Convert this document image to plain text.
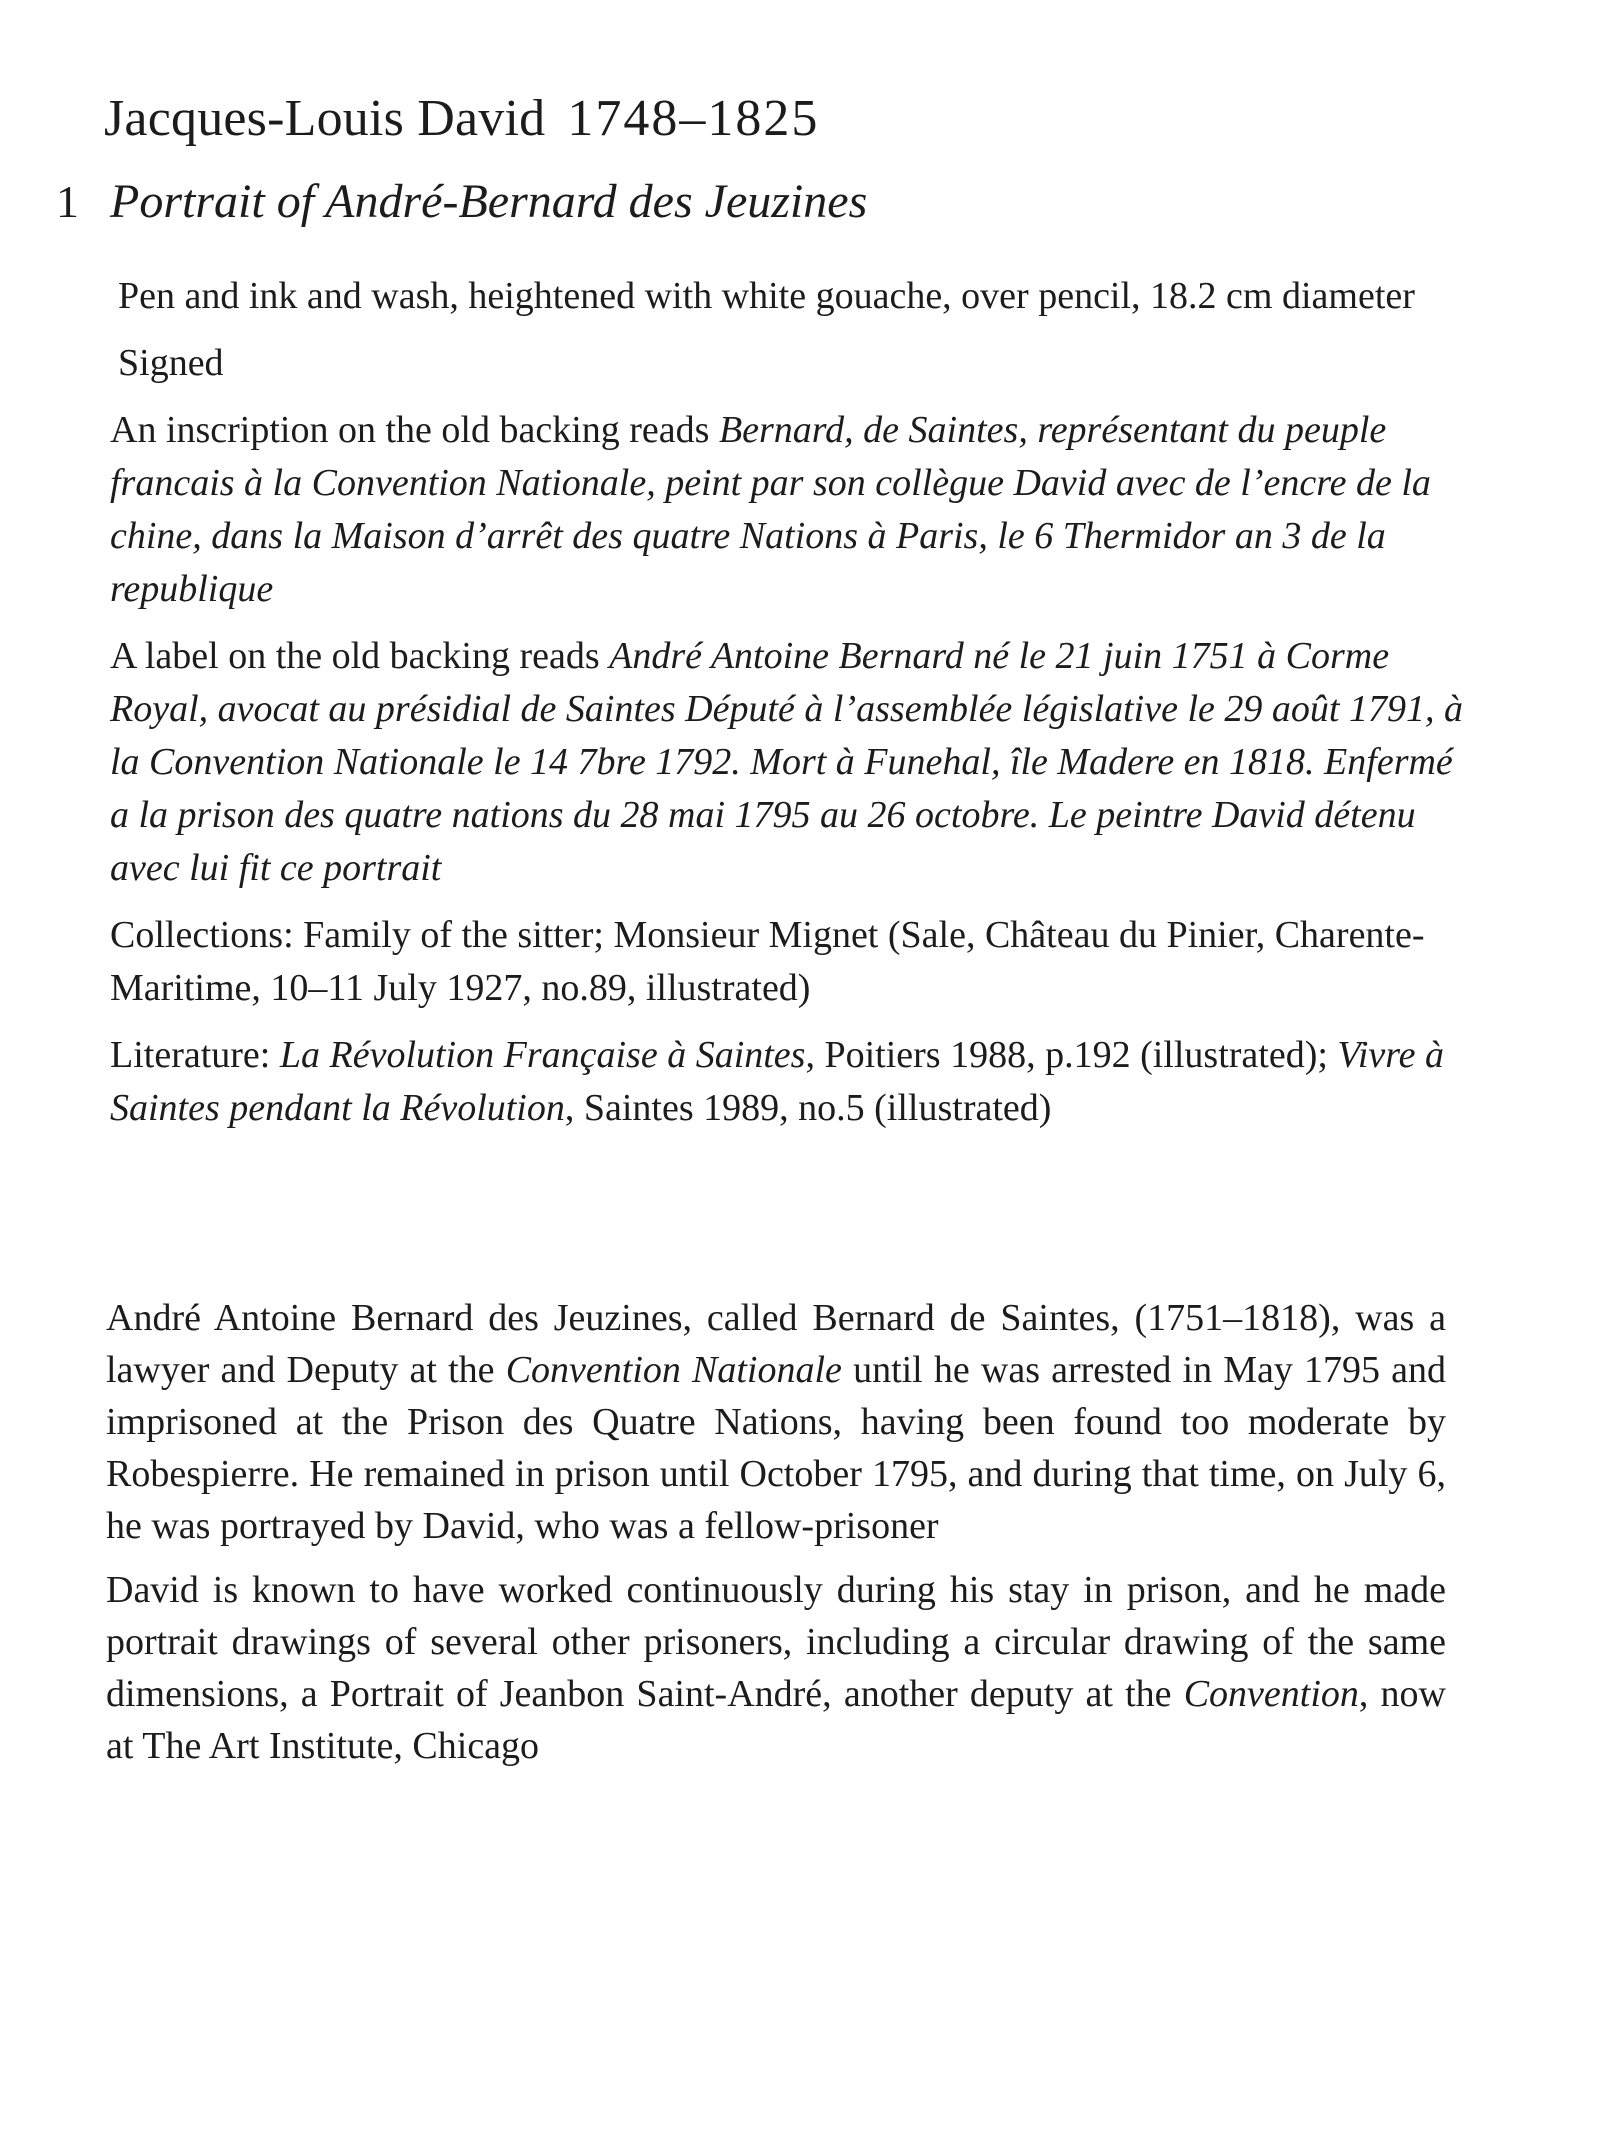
Jacques-Louis David 1748–1825
1 Portrait of André-Bernard des Jeuzines

Pen and ink and wash, heightened with white gouache, over pencil, 18.2 cm diameter

Signed

An inscription on the old backing reads Bernard, de Saintes, représentant du peuple francais à la Convention Nationale, peint par son collègue David avec de l’encre de la chine, dans la Maison d’arrêt des quatre Nations à Paris, le 6 Thermidor an 3 de la republique

A label on the old backing reads André Antoine Bernard né le 21 juin 1751 à Corme Royal, avocat au présidial de Saintes Député à l’assemblée législative le 29 août 1791, à la Convention Nationale le 14 7bre 1792. Mort à Funehal, île Madere en 1818. Enfermé a la prison des quatre nations du 28 mai 1795 au 26 octobre. Le peintre David détenu avec lui fit ce portrait

Collections: Family of the sitter; Monsieur Mignet (Sale, Château du Pinier, Charente-Maritime, 10–11 July 1927, no.89, illustrated)

Literature: La Révolution Française à Saintes, Poitiers 1988, p.192 (illustrated); Vivre à Saintes pendant la Révolution, Saintes 1989, no.5 (illustrated)

André Antoine Bernard des Jeuzines, called Bernard de Saintes, (1751–1818), was a lawyer and Deputy at the Convention Nationale until he was arrested in May 1795 and imprisoned at the Prison des Quatre Nations, having been found too moderate by Robespierre. He remained in prison until October 1795, and during that time, on July 6, he was portrayed by David, who was a fellow-prisoner

David is known to have worked continuously during his stay in prison, and he made portrait drawings of several other prisoners, including a circular drawing of the same dimensions, a Portrait of Jeanbon Saint-André, another deputy at the Convention, now at The Art Institute, Chicago
